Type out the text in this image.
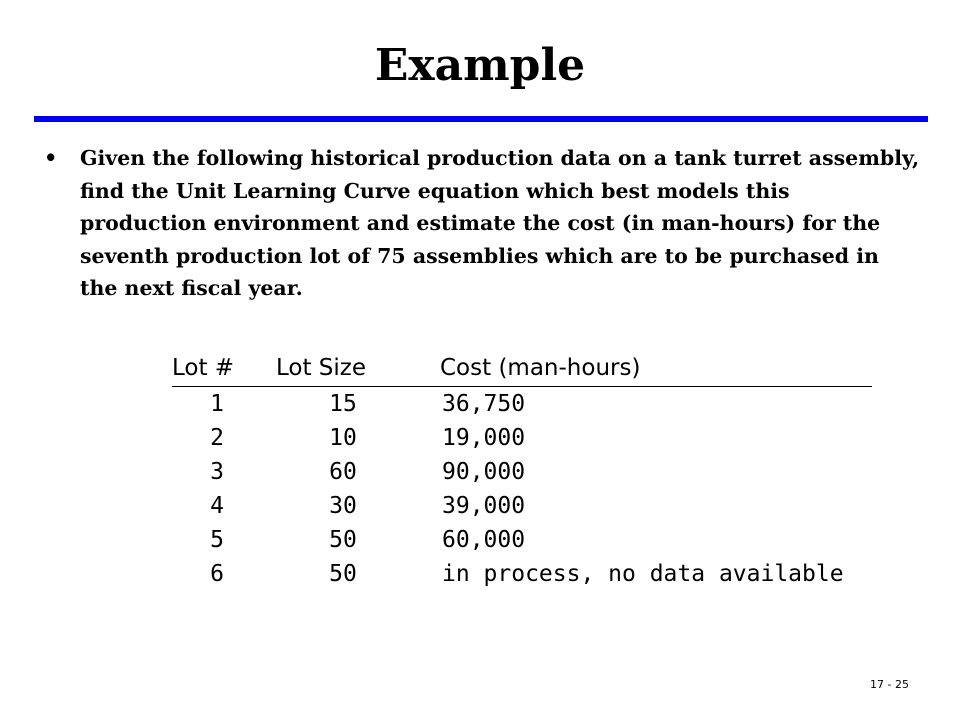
Example
•	Given the following historical production data on a tank turret assembly, find the Unit Learning Curve equation which best models this production environment and estimate the cost (in man-hours) for the seventh production lot of 75 assemblies which are to be purchased in the next fiscal year.

Lot #	Lot Size	Cost (man-hours)
1	15	36,750
2	10	19,000
3	60	90,000
4	30	39,000
5	50	60,000
6	50	in process, no data available
17 - 25
